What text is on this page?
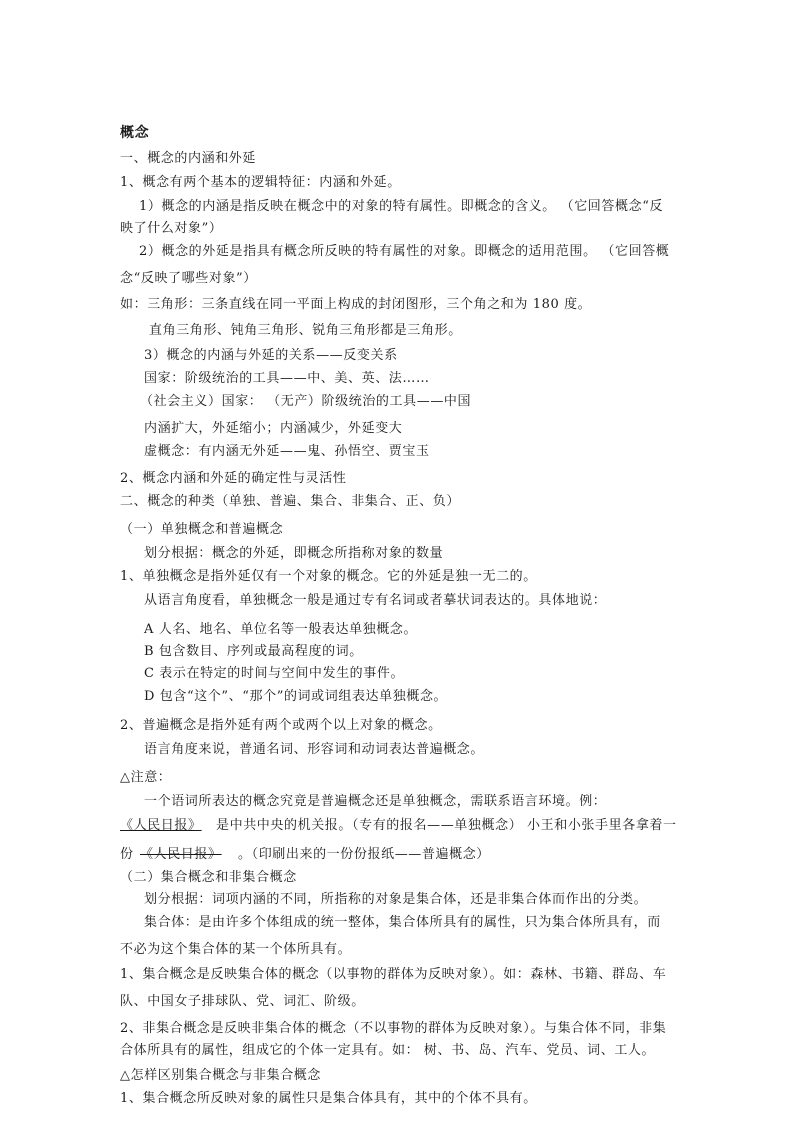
概念
一、概念的内涵和外延
1、概念有两个基本的逻辑特征：内涵和外延。
1）概念的内涵是指反映在概念中的对象的特有属性。即概念的含义。 （它回答概念“反
映了什么对象”）
2）概念的外延是指具有概念所反映的特有属性的对象。即概念的适用范围。 （它回答概
念“反映了哪些对象”）
如：三角形：三条直线在同一平面上构成的封闭图形，三个角之和为 180 度。
直角三角形、钝角三角形、锐角三角形都是三角形。
3）概念的内涵与外延的关系——反变关系
国家：阶级统治的工具——中、美、英、法……
（社会主义）国家： （无产）阶级统治的工具——中国
内涵扩大，外延缩小；内涵减少，外延变大
虚概念：有内涵无外延——鬼、孙悟空、贾宝玉
2、概念内涵和外延的确定性与灵活性
二、概念的种类（单独、普遍、集合、非集合、正、负）
（一）单独概念和普遍概念
划分根据：概念的外延，即概念所指称对象的数量
1、单独概念是指外延仅有一个对象的概念。它的外延是独一无二的。
从语言角度看，单独概念一般是通过专有名词或者摹状词表达的。具体地说：
A 人名、地名、单位名等一般表达单独概念。
B 包含数目、序列或最高程度的词。
C 表示在特定的时间与空间中发生的事件。
D 包含“这个”、“那个”的词或词组表达单独概念。
2、普遍概念是指外延有两个或两个以上对象的概念。
语言角度来说，普通名词、形容词和动词表达普遍概念。
△注意：
一个语词所表达的概念究竟是普遍概念还是单独概念，需联系语言环境。例：
《人民日报》 是中共中央的机关报。（专有的报名——单独概念） 小王和小张手里各拿着一
份 《人民日报》 。（印刷出来的一份份报纸——普遍概念）
（二）集合概念和非集合概念
划分根据：词项内涵的不同，所指称的对象是集合体，还是非集合体而作出的分类。
集合体：是由许多个体组成的统一整体，集合体所具有的属性，只为集合体所具有，而
不必为这个集合体的某一个体所具有。
1、集合概念是反映集合体的概念（以事物的群体为反映对象）。如：森林、书籍、群岛、车
队、中国女子排球队、党、词汇、阶级。
2、非集合概念是反映非集合体的概念（不以事物的群体为反映对象）。与集合体不同，非集
合体所具有的属性，组成它的个体一定具有。如： 树、书、岛、汽车、党员、词、工人。
△怎样区别集合概念与非集合概念
1、集合概念所反映对象的属性只是集合体具有，其中的个体不具有。
